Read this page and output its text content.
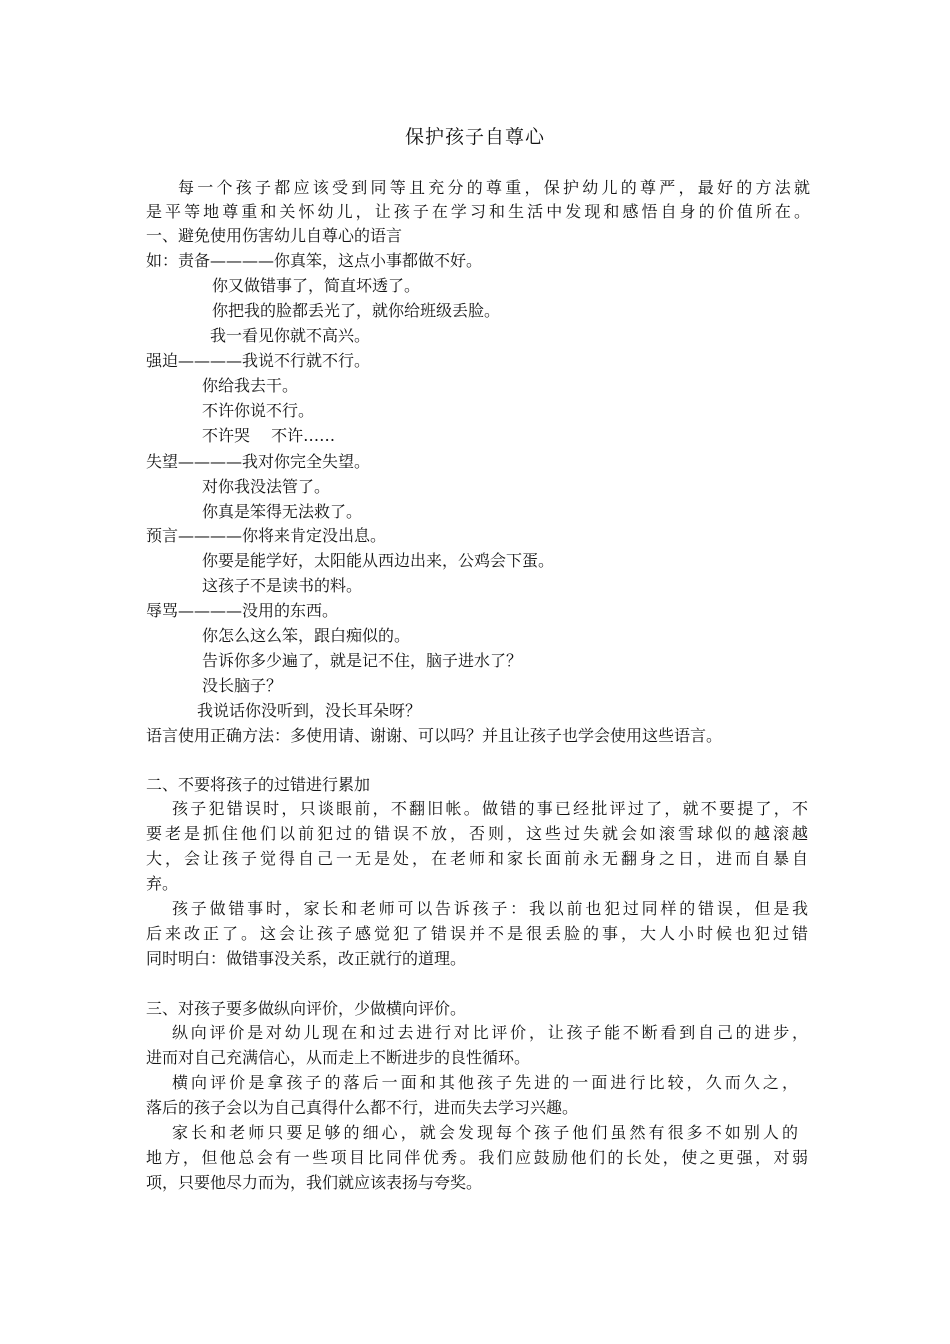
保护孩子自尊心
每一个孩子都应该受到同等且充分的尊重，保护幼儿的尊严，最好的方法就
是平等地尊重和关怀幼儿，让孩子在学习和生活中发现和感悟自身的价值所在。
一、避免使用伤害幼儿自尊心的语言
如：责备————你真笨，这点小事都做不好。
你又做错事了，简直坏透了。
你把我的脸都丢光了，就你给班级丢脸。
我一看见你就不高兴。
强迫————我说不行就不行。
你给我去干。
不许你说不行。
不许哭　 不许……
失望————我对你完全失望。
对你我没法管了。
你真是笨得无法救了。
预言————你将来肯定没出息。
你要是能学好，太阳能从西边出来，公鸡会下蛋。
这孩子不是读书的料。
辱骂————没用的东西。
你怎么这么笨，跟白痴似的。
告诉你多少遍了，就是记不住，脑子进水了？
没长脑子？
我说话你没听到，没长耳朵呀？
语言使用正确方法：多使用请、谢谢、可以吗？并且让孩子也学会使用这些语言。
二、不要将孩子的过错进行累加
孩子犯错误时，只谈眼前，不翻旧帐。做错的事已经批评过了，就不要提了，不
要老是抓住他们以前犯过的错误不放，否则，这些过失就会如滚雪球似的越滚越
大，会让孩子觉得自己一无是处，在老师和家长面前永无翻身之日，进而自暴自
弃。
孩子做错事时，家长和老师可以告诉孩子：我以前也犯过同样的错误，但是我
后来改正了。这会让孩子感觉犯了错误并不是很丢脸的事，大人小时候也犯过错
同时明白：做错事没关系，改正就行的道理。
三、对孩子要多做纵向评价，少做横向评价。
纵向评价是对幼儿现在和过去进行对比评价，让孩子能不断看到自己的进步，
进而对自己充满信心，从而走上不断进步的良性循环。
横向评价是拿孩子的落后一面和其他孩子先进的一面进行比较，久而久之，
落后的孩子会以为自己真得什么都不行，进而失去学习兴趣。
家长和老师只要足够的细心，就会发现每个孩子他们虽然有很多不如别人的
地方，但他总会有一些项目比同伴优秀。我们应鼓励他们的长处，使之更强，对弱
项，只要他尽力而为，我们就应该表扬与夸奖。
